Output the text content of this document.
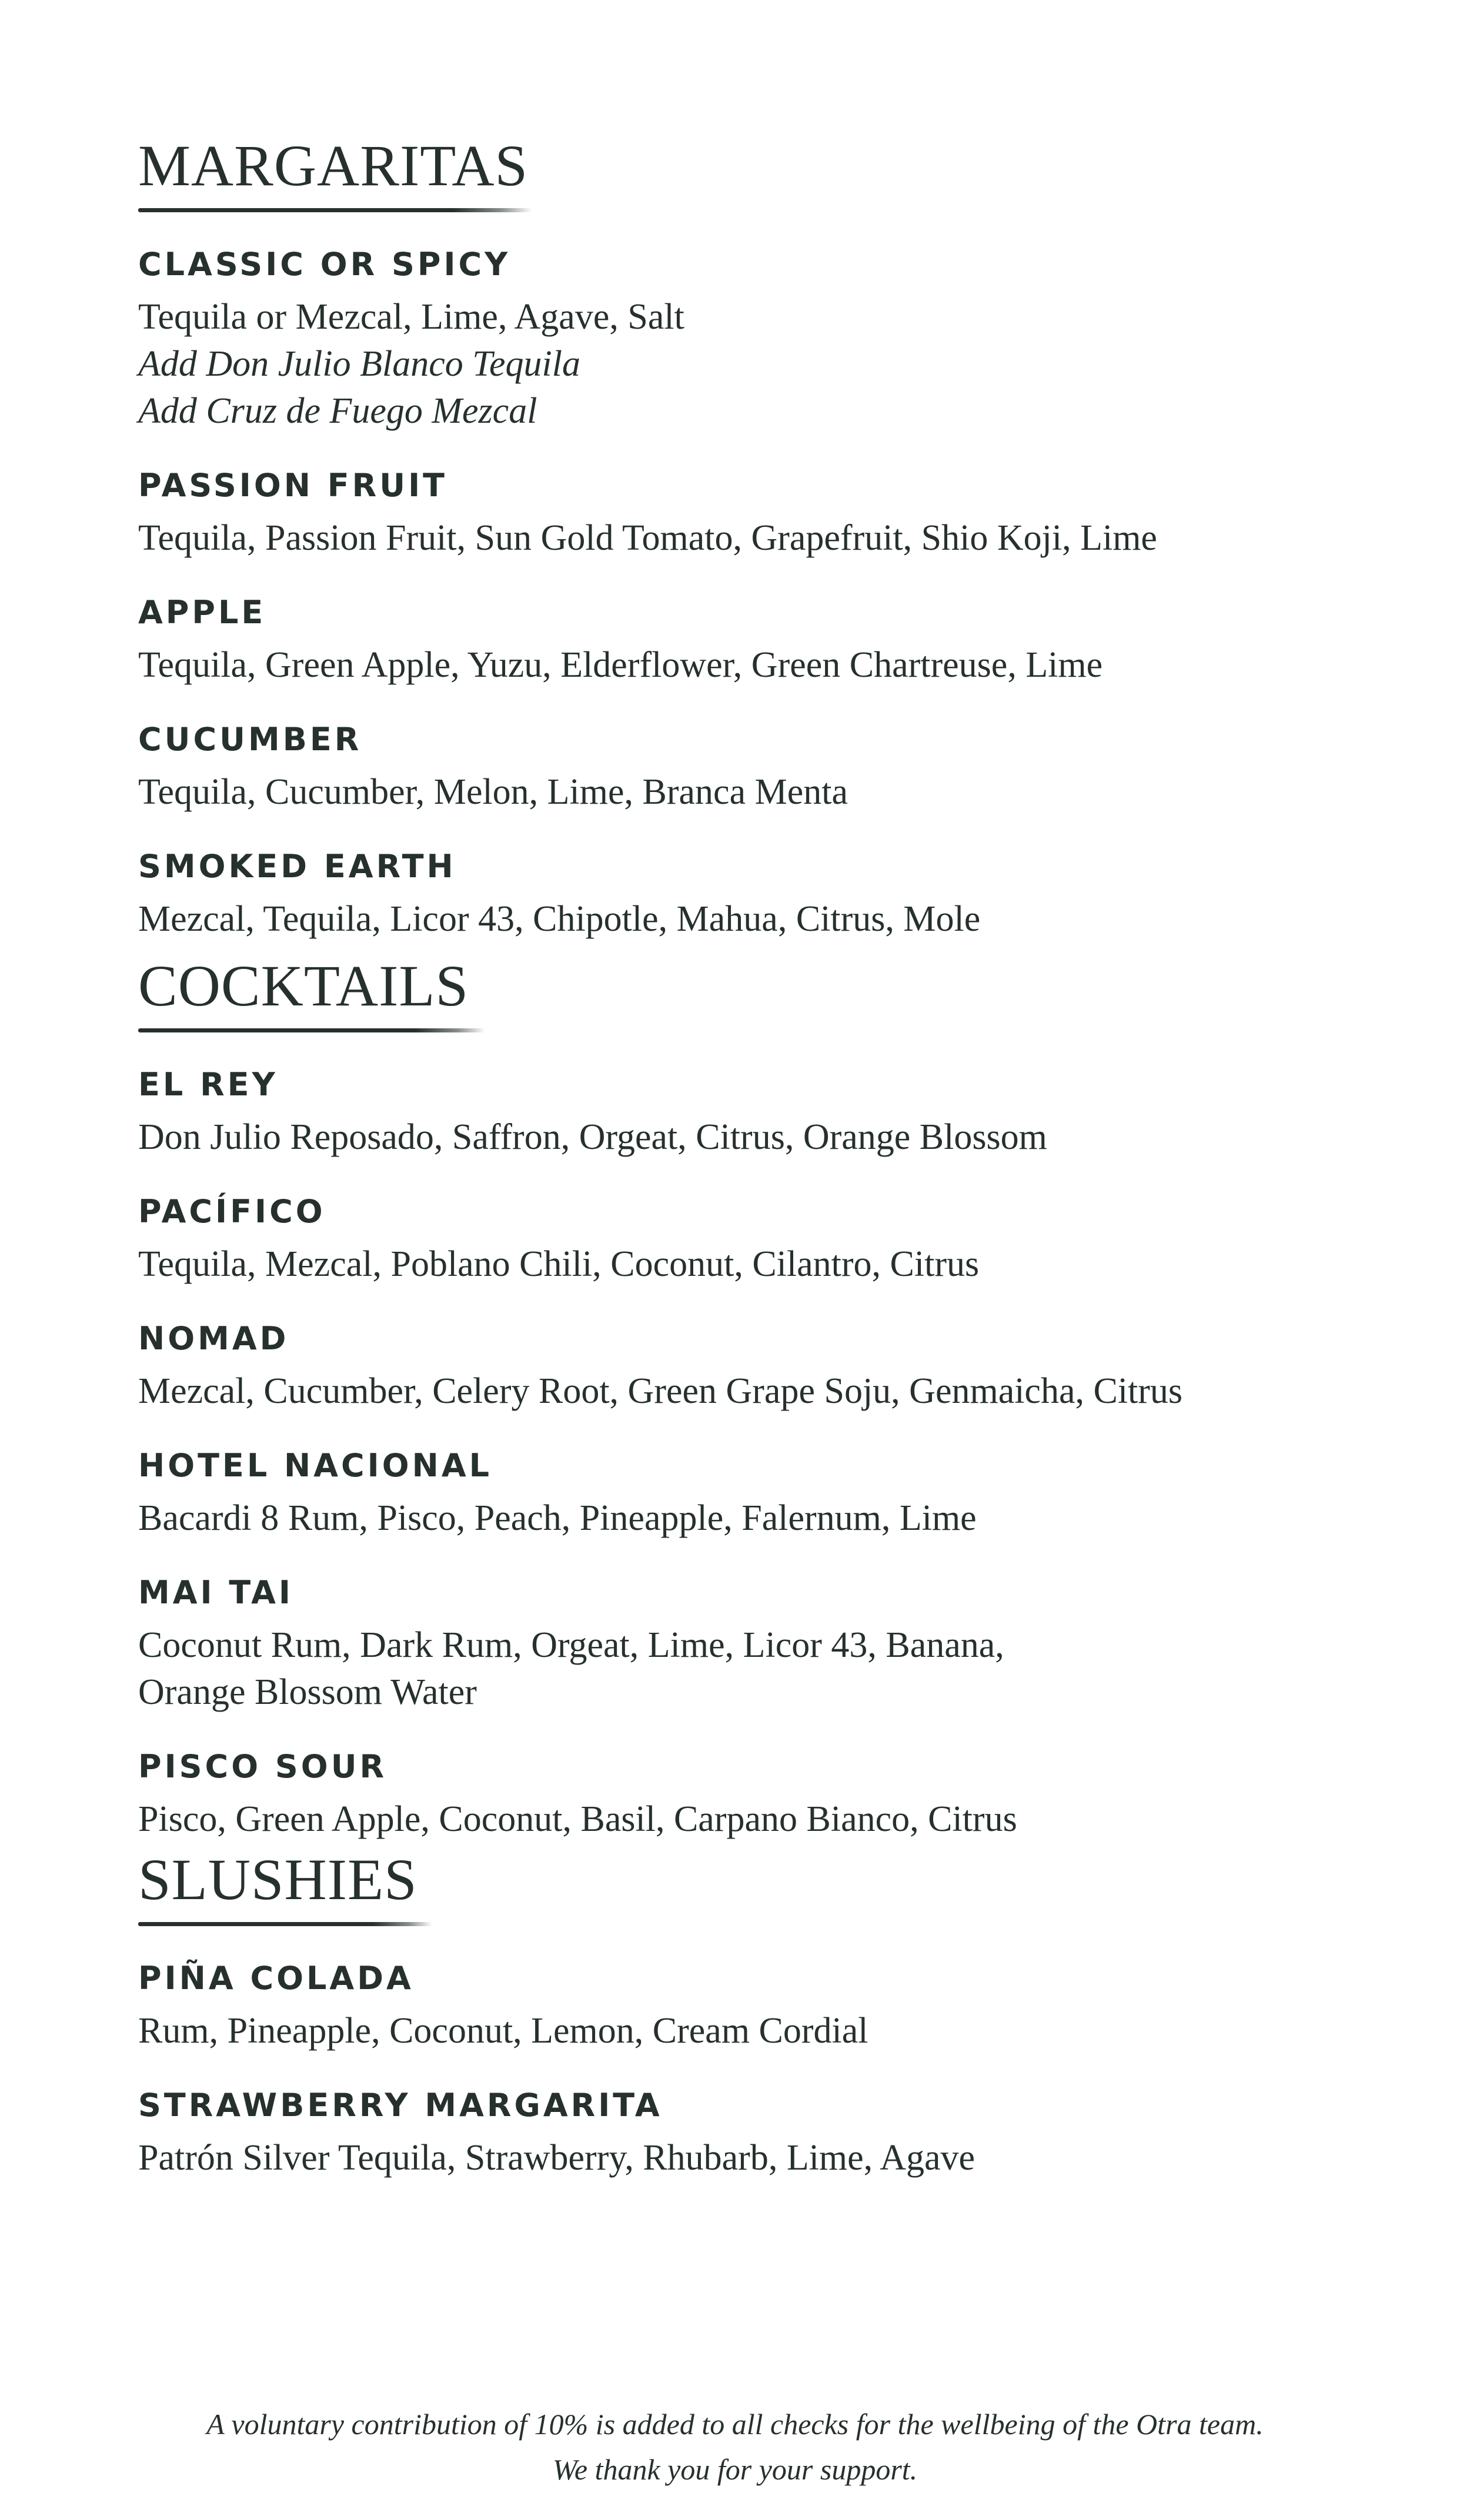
MARGARITAS
CLASSIC OR SPICY

Tequila or Mezcal, Lime, Agave, Salt

Add Don Julio Blanco Tequila

Add Cruz de Fuego Mezcal

PASSION FRUIT

Tequila, Passion Fruit, Sun Gold Tomato, Grapefruit, Shio Koji, Lime

APPLE

Tequila, Green Apple, Yuzu, Elderflower, Green Chartreuse, Lime

CUCUMBER

Tequila, Cucumber, Melon, Lime, Branca Menta

SMOKED EARTH

Mezcal, Tequila, Licor 43, Chipotle, Mahua, Citrus, Mole

COCKTAILS
EL REY

Don Julio Reposado, Saffron, Orgeat, Citrus, Orange Blossom

PACÍFICO

Tequila, Mezcal, Poblano Chili, Coconut, Cilantro, Citrus

NOMAD

Mezcal, Cucumber, Celery Root, Green Grape Soju, Genmaicha, Citrus

HOTEL NACIONAL

Bacardi 8 Rum, Pisco, Peach, Pineapple, Falernum, Lime

MAI TAI

Coconut Rum, Dark Rum, Orgeat, Lime, Licor 43, Banana,

Orange Blossom Water

PISCO SOUR

Pisco, Green Apple, Coconut, Basil, Carpano Bianco, Citrus

SLUSHIES
PIÑA COLADA

Rum, Pineapple, Coconut, Lemon, Cream Cordial

STRAWBERRY MARGARITA

Patrón Silver Tequila, Strawberry, Rhubarb, Lime, Agave

A voluntary contribution of 10% is added to all checks for the wellbeing of the Otra team.
We thank you for your support.
